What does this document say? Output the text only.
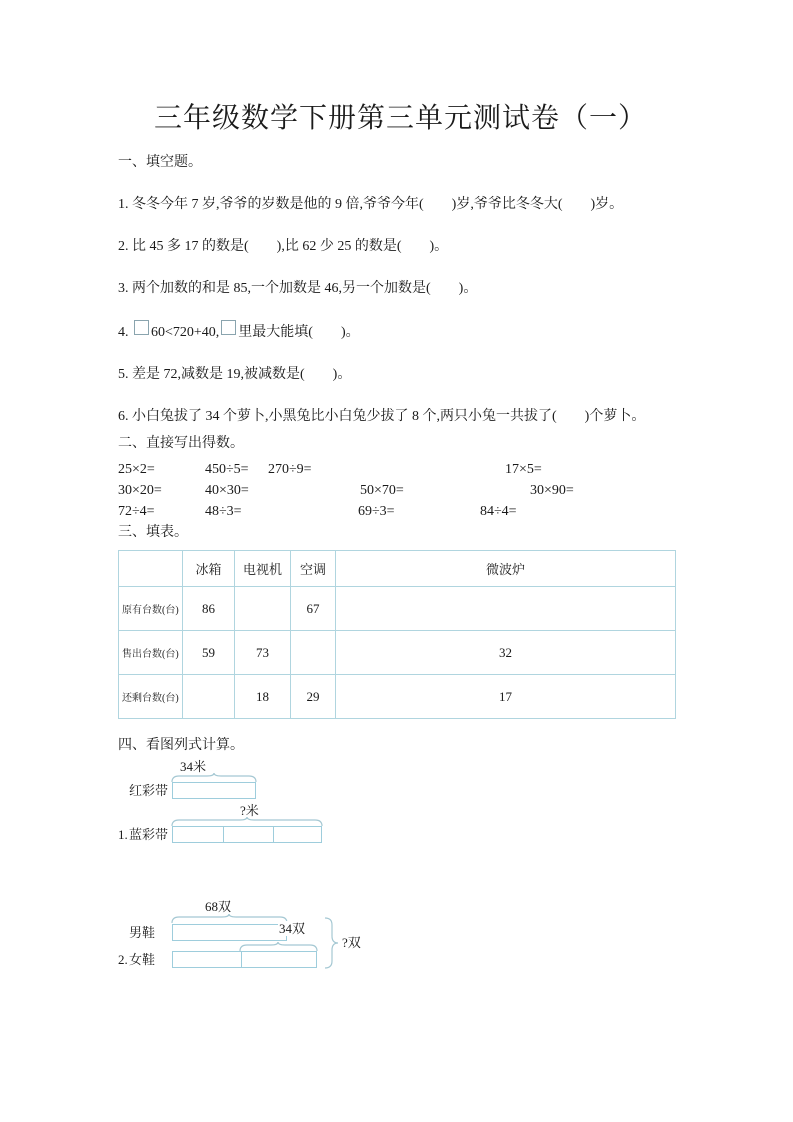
三年级数学下册第三单元测试卷（一）
一、填空题。
1. 冬冬今年 7 岁,爷爷的岁数是他的 9 倍,爷爷今年(　　)岁,爷爷比冬冬大(　　)岁。
2. 比 45 多 17 的数是(　　),比 62 少 25 的数是(　　)。
3. 两个加数的和是 85,一个加数是 46,另一个加数是(　　)。
4. 60<720+40, 里最大能填(　　)。
5. 差是 72,减数是 19,被减数是(　　)。
6. 小白兔拔了 34 个萝卜,小黑兔比小白兔少拔了 8 个,两只小兔一共拔了(　　)个萝卜。
二、直接写出得数。
25×2=	450÷5= 270÷9=	17×5=
30×20=	40×30=	50×70=	30×90=
72÷4=	48÷3=	69÷3=	84÷4=
三、填表。
	冰箱	电视机	空调	微波炉
原有台数(台)	86		67	
售出台数(台)	59	73		32
还剩台数(台)		18	29	17
四、看图列式计算。
34米
红彩带
?米
1. 蓝彩带
68双
男鞋	34双
2. 女鞋
?双
